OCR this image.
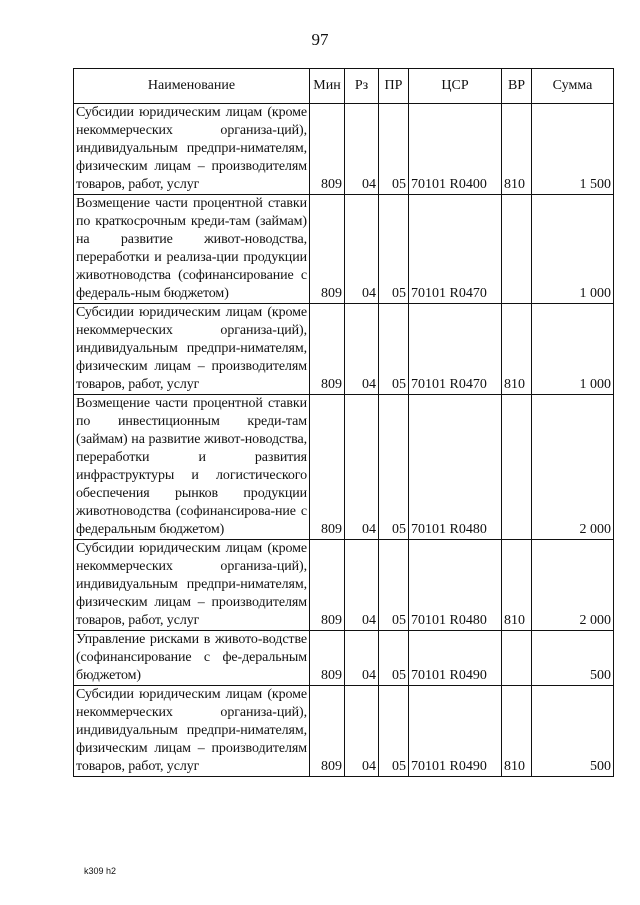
97
Наименование	Мин	Рз	ПР	ЦСР	ВР	Сумма
Субсидии юридическим лицам (кроме некоммерческих организа-ций), индивидуальным предпри-нимателям, физическим лицам – производителям товаров, работ, услуг	809	04	05	70101 R0400	810	1 500
Возмещение части процентной ставки по краткосрочным креди-там (займам) на развитие живот-новодства, переработки и реализа-ции продукции животноводства (софинансирование с федераль-ным бюджетом)	809	04	05	70101 R0470		1 000
Субсидии юридическим лицам (кроме некоммерческих организа-ций), индивидуальным предпри-нимателям, физическим лицам – производителям товаров, работ, услуг	809	04	05	70101 R0470	810	1 000
Возмещение части процентной ставки по инвестиционным креди-там (займам) на развитие живот-новодства, переработки и развития инфраструктуры и логистического обеспечения рынков продукции животноводства (софинансирова-ние с федеральным бюджетом)	809	04	05	70101 R0480		2 000
Субсидии юридическим лицам (кроме некоммерческих организа-ций), индивидуальным предпри-нимателям, физическим лицам – производителям товаров, работ, услуг	809	04	05	70101 R0480	810	2 000
Управление рисками в живото-водстве (софинансирование с фе-деральным бюджетом)	809	04	05	70101 R0490		500
Субсидии юридическим лицам (кроме некоммерческих организа-ций), индивидуальным предпри-нимателям, физическим лицам – производителям товаров, работ, услуг	809	04	05	70101 R0490	810	500
k309 h2
